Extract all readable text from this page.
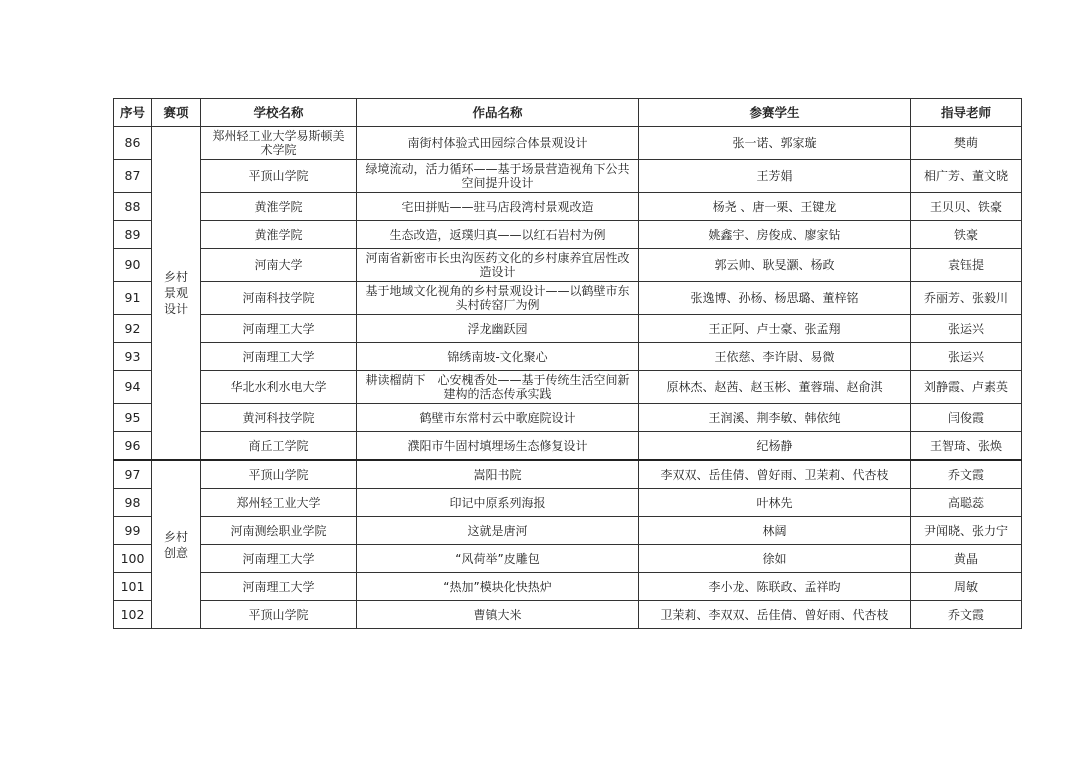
序号	赛项	学校名称	作品名称	参赛学生	指导老师
86	乡村景观设计	郑州轻工业大学易斯顿美术学院	南街村体验式田园综合体景观设计	张一诺、郭家璇	樊萌
87		平顶山学院	绿境流动，活力循环——基于场景营造视角下公共空间提升设计	王芳娟	相广芳、董文晓
88		黄淮学院	宅田拼贴——驻马店段湾村景观改造	杨尧 、唐一栗、王键龙	王贝贝、铁豪
89		黄淮学院	生态改造，返璞归真——以红石岩村为例	姚鑫宇、房俊成、廖家钻	铁豪
90		河南大学	河南省新密市长虫沟医药文化的乡村康养宜居性改造设计	郭云帅、耿旻灏、杨政	袁钰提
91		河南科技学院	基于地域文化视角的乡村景观设计——以鹤壁市东头村砖窑厂为例	张逸博、孙杨、杨思璐、董梓铭	乔丽芳、张毅川
92		河南理工大学	浮龙幽跃园	王正阿、卢士豪、张孟翔	张运兴
93		河南理工大学	锦绣南坡-文化聚心	王依慈、李许尉、易微	张运兴
94		华北水利水电大学	耕读榴荫下　心安槐香处——基于传统生活空间新建构的活态传承实践	原林杰、赵茜、赵玉彬、董蓉瑞、赵俞淇	刘静霞、卢素英
95		黄河科技学院	鹤壁市东常村云中歌庭院设计	王润溪、荆李敏、韩依纯	闫俊霞
96		商丘工学院	濮阳市牛固村填埋场生态修复设计	纪杨静	王智琦、张焕
97	乡村创意	平顶山学院	嵩阳书院	李双双、岳佳倩、曾好雨、卫茉莉、代杏枝	乔文霞
98		郑州轻工业大学	印记中原系列海报	叶林先	高聪蕊
99		河南测绘职业学院	这就是唐河	林阔	尹闻晓、张力宁
100		河南理工大学	“风荷举”皮雕包	徐如	黄晶
101		河南理工大学	“热加”模块化快热炉	李小龙、陈联政、孟祥昀	周敏
102		平顶山学院	曹镇大米	卫茉莉、李双双、岳佳倩、曾好雨、代杏枝	乔文霞
